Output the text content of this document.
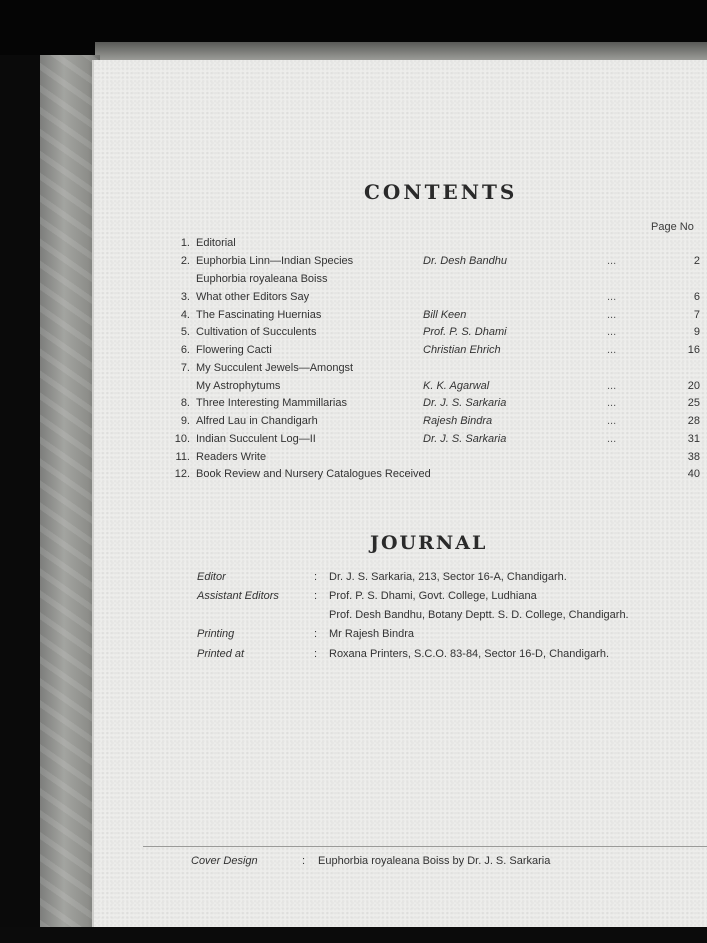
CONTENTS
Page No
1. Editorial
2. Euphorbia Linn—Indian Species	Dr. Desh Bandhu	...	2
Euphorbia royaleana Boiss
3. What other Editors Say	...	6
4. The Fascinating Huernias	Bill Keen	...	7
5. Cultivation of Succulents	Prof. P. S. Dhami	...	9
6. Flowering Cacti	Christian Ehrich	...	16
7. My Succulent Jewels—Amongst
My Astrophytums	K. K. Agarwal	...	20
8. Three Interesting Mammillarias	Dr. J. S. Sarkaria	...	25
9. Alfred Lau in Chandigarh	Rajesh Bindra	...	28
10. Indian Succulent Log—II	Dr. J. S. Sarkaria	...	31
11. Readers Write	38
12. Book Review and Nursery Catalogues Received	40
JOURNAL
Editor	: Dr. J. S. Sarkaria, 213, Sector 16-A, Chandigarh.
Assistant Editors	: Prof. P. S. Dhami, Govt. College, Ludhiana
Prof. Desh Bandhu, Botany Deptt. S. D. College, Chandigarh.
Printing	: Mr Rajesh Bindra
Printed at	: Roxana Printers, S.C.O. 83-84, Sector 16-D, Chandigarh.
Cover Design	: Euphorbia royaleana Boiss by Dr. J. S. Sarkaria
